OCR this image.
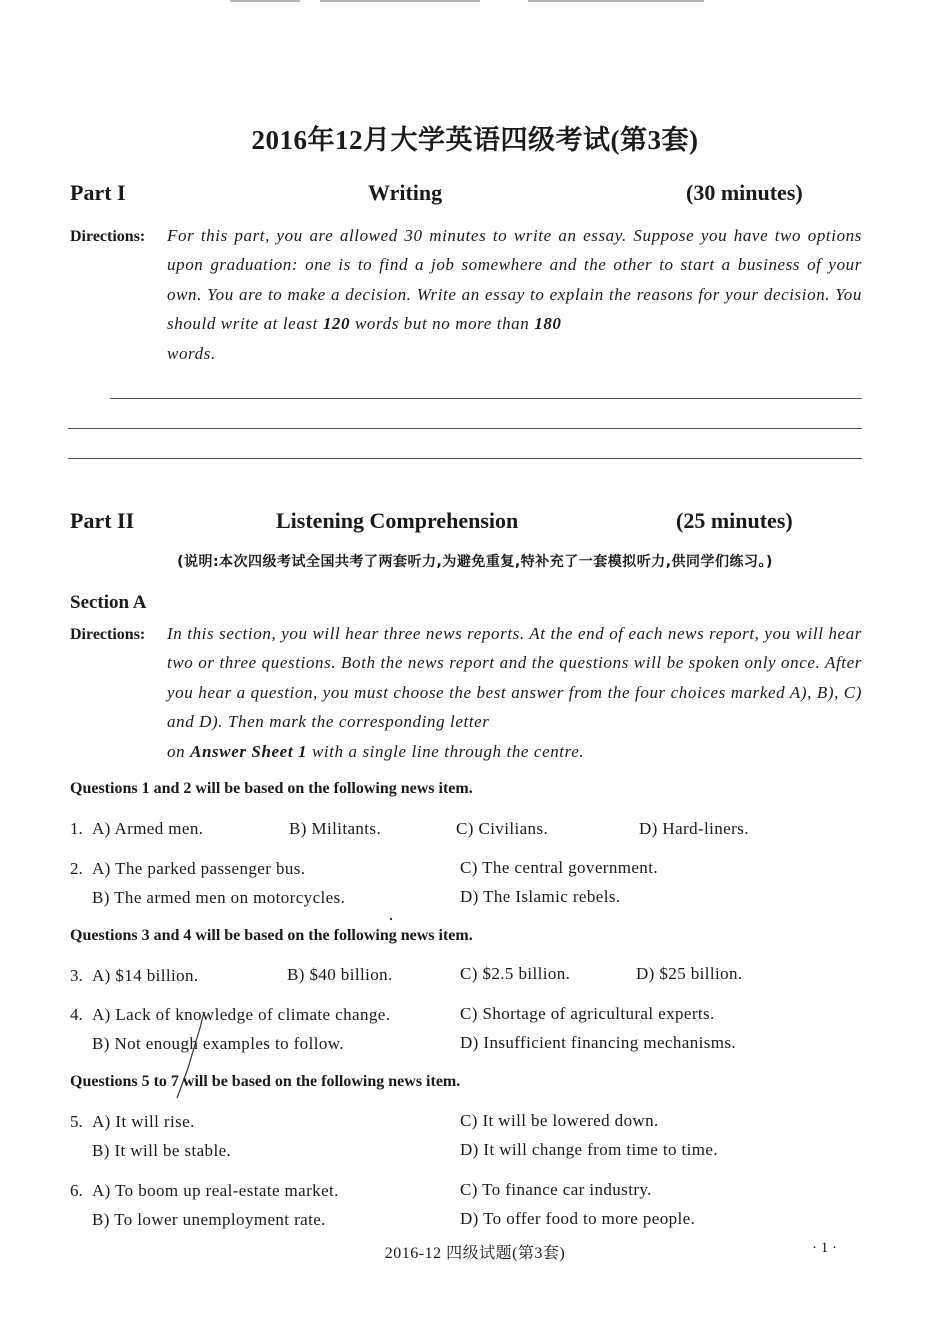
2016年12月大学英语四级考试(第3套)
Part I	Writing	(30 minutes)
Directions: For this part, you are allowed 30 minutes to write an essay. Suppose you have two options upon graduation: one is to find a job somewhere and the other to start a business of your own. You are to make a decision. Write an essay to explain the reasons for your decision. You should write at least 120 words but no more than 180
words.
Part II	Listening Comprehension	(25 minutes)
(说明:本次四级考试全国共考了两套听力,为避免重复,特补充了一套模拟听力,供同学们练习。)
Section A
Directions: In this section, you will hear three news reports. At the end of each news report, you will hear two or three questions. Both the news report and the questions will be spoken only once. After you hear a question, you must choose the best answer from the four choices marked A), B), C) and D). Then mark the corresponding letter
on Answer Sheet 1 with a single line through the centre.
Questions 1 and 2 will be based on the following news item.
1. A) Armed men.	B) Militants.	C) Civilians.	D) Hard-liners.
2. A) The parked passenger bus.
B) The armed men on motorcycles.
C) The central government.
D) The Islamic rebels.
Questions 3 and 4 will be based on the following news item.
3. A) $14 billion.	B) $40 billion.	C) $2.5 billion.	D) $25 billion.
4. A) Lack of knowledge of climate change.
B) Not enough examples to follow.
C) Shortage of agricultural experts.
D) Insufficient financing mechanisms.
Questions 5 to 7 will be based on the following news item.
5. A) It will rise.
B) It will be stable.
C) It will be lowered down.
D) It will change from time to time.
6. A) To boom up real-estate market.
B) To lower unemployment rate.
C) To finance car industry.
D) To offer food to more people.
2016-12 四级试题(第3套)	· 1 ·
